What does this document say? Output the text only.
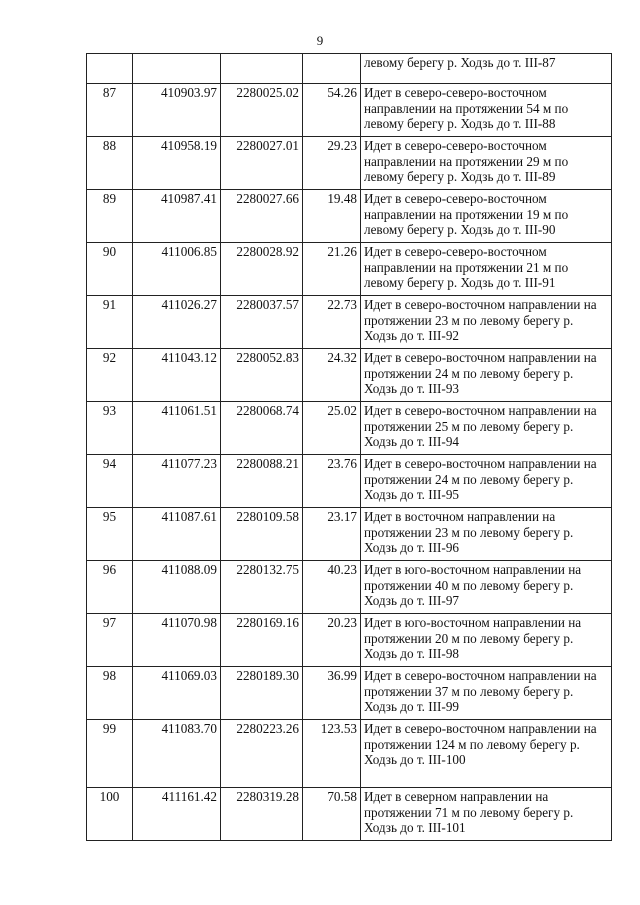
9
				левому берегу р. Ходзь до т. III-87
87	410903.97	2280025.02	54.26	Идет в северо-северо-восточном направлении на протяжении 54 м по левому берегу р. Ходзь до т. III-88
88	410958.19	2280027.01	29.23	Идет в северо-северо-восточном направлении на протяжении 29 м по левому берегу р. Ходзь до т. III-89
89	410987.41	2280027.66	19.48	Идет в северо-северо-восточном направлении на протяжении 19 м по левому берегу р. Ходзь до т. III-90
90	411006.85	2280028.92	21.26	Идет в северо-северо-восточном направлении на протяжении 21 м по левому берегу р. Ходзь до т. III-91
91	411026.27	2280037.57	22.73	Идет в северо-восточном направлении на протяжении 23 м по левому берегу р. Ходзь до т. III-92
92	411043.12	2280052.83	24.32	Идет в северо-восточном направлении на протяжении 24 м по левому берегу р. Ходзь до т. III-93
93	411061.51	2280068.74	25.02	Идет в северо-восточном направлении на протяжении 25 м по левому берегу р. Ходзь до т. III-94
94	411077.23	2280088.21	23.76	Идет в северо-восточном направлении на протяжении 24 м по левому берегу р. Ходзь до т. III-95
95	411087.61	2280109.58	23.17	Идет в восточном направлении на протяжении 23 м по левому берегу р. Ходзь до т. III-96
96	411088.09	2280132.75	40.23	Идет в юго-восточном направлении на протяжении 40 м по левому берегу р. Ходзь до т. III-97
97	411070.98	2280169.16	20.23	Идет в юго-восточном направлении на протяжении 20 м по левому берегу р. Ходзь до т. III-98
98	411069.03	2280189.30	36.99	Идет в северо-восточном направлении на протяжении 37 м по левому берегу р. Ходзь до т. III-99
99	411083.70	2280223.26	123.53	Идет в северо-восточном направлении на протяжении 124 м по левому берегу р. Ходзь до т. III-100
100	411161.42	2280319.28	70.58	Идет в северном направлении на протяжении 71 м по левому берегу р. Ходзь до т. III-101
